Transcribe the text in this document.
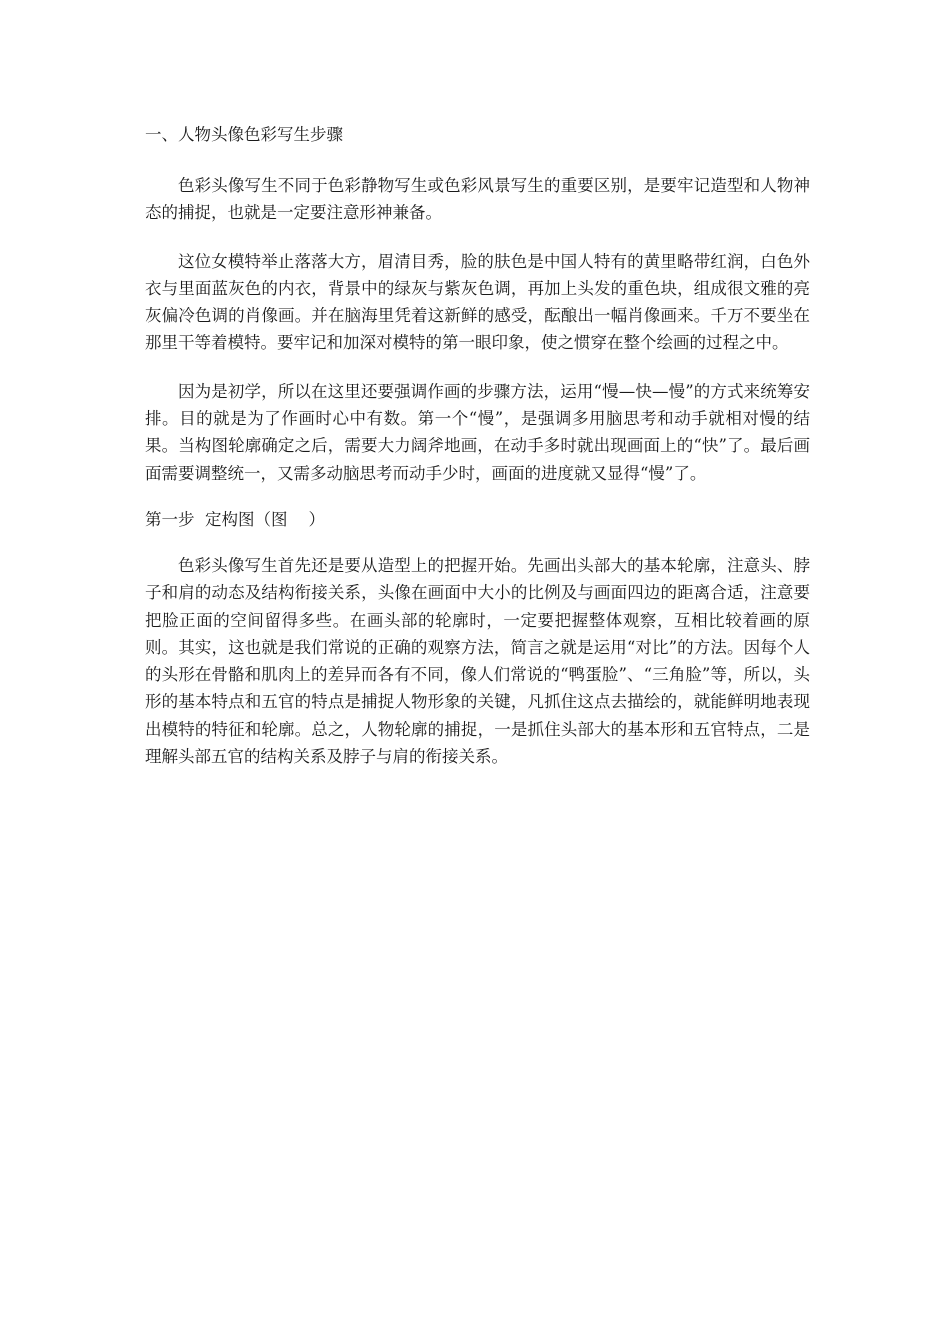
一、人物头像色彩写生步骤

色彩头像写生不同于色彩静物写生或色彩风景写生的重要区别，是要牢记造型和人物神态的捕捉，也就是一定要注意形神兼备。

这位女模特举止落落大方，眉清目秀，脸的肤色是中国人特有的黄里略带红润，白色外衣与里面蓝灰色的内衣，背景中的绿灰与紫灰色调，再加上头发的重色块，组成很文雅的亮灰偏冷色调的肖像画。并在脑海里凭着这新鲜的感受，酝酿出一幅肖像画来。千万不要坐在那里干等着模特。要牢记和加深对模特的第一眼印象，使之惯穿在整个绘画的过程之中。

因为是初学，所以在这里还要强调作画的步骤方法，运用“慢—快—慢”的方式来统筹安排。目的就是为了作画时心中有数。第一个“慢”，是强调多用脑思考和动手就相对慢的结果。当构图轮廓确定之后，需要大力阔斧地画，在动手多时就出现画面上的“快”了。最后画面需要调整统一，又需多动脑思考而动手少时，画面的进度就又显得“慢”了。

第一步  定构图（图    ）

色彩头像写生首先还是要从造型上的把握开始。先画出头部大的基本轮廓，注意头、脖子和肩的动态及结构衔接关系，头像在画面中大小的比例及与画面四边的距离合适，注意要把脸正面的空间留得多些。在画头部的轮廓时，一定要把握整体观察，互相比较着画的原则。其实，这也就是我们常说的正确的观察方法，简言之就是运用“对比”的方法。因每个人的头形在骨骼和肌肉上的差异而各有不同，像人们常说的“鸭蛋脸”、“三角脸”等，所以，头形的基本特点和五官的特点是捕捉人物形象的关键，凡抓住这点去描绘的，就能鲜明地表现出模特的特征和轮廓。总之，人物轮廓的捕捉，一是抓住头部大的基本形和五官特点，二是理解头部五官的结构关系及脖子与肩的衔接关系。
